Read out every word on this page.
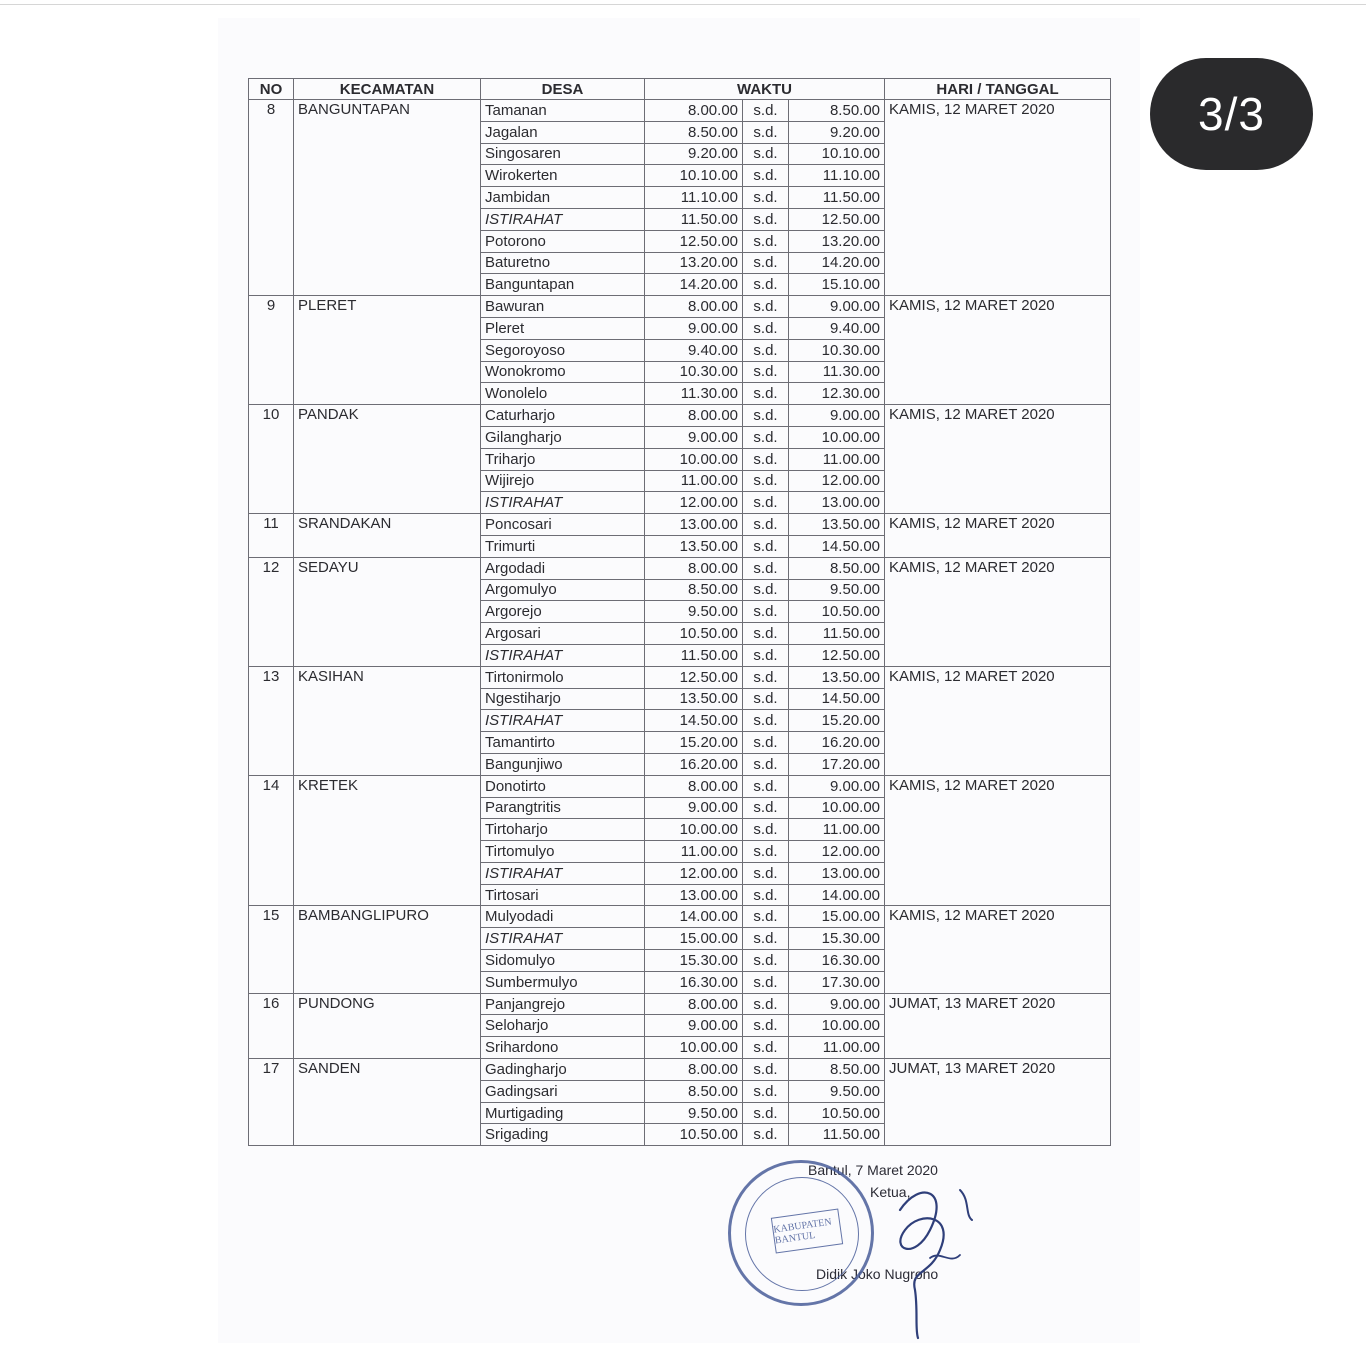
NO	KECAMATAN	DESA	WAKTU			HARI / TANGGAL
8	BANGUNTAPAN	Tamanan	8.00.00	s.d.	8.50.00	KAMIS, 12 MARET 2020
		Jagalan	8.50.00	s.d.	9.20.00	
		Singosaren	9.20.00	s.d.	10.10.00	
		Wirokerten	10.10.00	s.d.	11.10.00	
		Jambidan	11.10.00	s.d.	11.50.00	
		ISTIRAHAT	11.50.00	s.d.	12.50.00	
		Potorono	12.50.00	s.d.	13.20.00	
		Baturetno	13.20.00	s.d.	14.20.00	
		Banguntapan	14.20.00	s.d.	15.10.00	
9	PLERET	Bawuran	8.00.00	s.d.	9.00.00	KAMIS, 12 MARET 2020
		Pleret	9.00.00	s.d.	9.40.00	
		Segoroyoso	9.40.00	s.d.	10.30.00	
		Wonokromo	10.30.00	s.d.	11.30.00	
		Wonolelo	11.30.00	s.d.	12.30.00	
10	PANDAK	Caturharjo	8.00.00	s.d.	9.00.00	KAMIS, 12 MARET 2020
		Gilangharjo	9.00.00	s.d.	10.00.00	
		Triharjo	10.00.00	s.d.	11.00.00	
		Wijirejo	11.00.00	s.d.	12.00.00	
		ISTIRAHAT	12.00.00	s.d.	13.00.00	
11	SRANDAKAN	Poncosari	13.00.00	s.d.	13.50.00	KAMIS, 12 MARET 2020
		Trimurti	13.50.00	s.d.	14.50.00	
12	SEDAYU	Argodadi	8.00.00	s.d.	8.50.00	KAMIS, 12 MARET 2020
		Argomulyo	8.50.00	s.d.	9.50.00	
		Argorejo	9.50.00	s.d.	10.50.00	
		Argosari	10.50.00	s.d.	11.50.00	
		ISTIRAHAT	11.50.00	s.d.	12.50.00	
13	KASIHAN	Tirtonirmolo	12.50.00	s.d.	13.50.00	KAMIS, 12 MARET 2020
		Ngestiharjo	13.50.00	s.d.	14.50.00	
		ISTIRAHAT	14.50.00	s.d.	15.20.00	
		Tamantirto	15.20.00	s.d.	16.20.00	
		Bangunjiwo	16.20.00	s.d.	17.20.00	
14	KRETEK	Donotirto	8.00.00	s.d.	9.00.00	KAMIS, 12 MARET 2020
		Parangtritis	9.00.00	s.d.	10.00.00	
		Tirtoharjo	10.00.00	s.d.	11.00.00	
		Tirtomulyo	11.00.00	s.d.	12.00.00	
		ISTIRAHAT	12.00.00	s.d.	13.00.00	
		Tirtosari	13.00.00	s.d.	14.00.00	
15	BAMBANGLIPURO	Mulyodadi	14.00.00	s.d.	15.00.00	KAMIS, 12 MARET 2020
		ISTIRAHAT	15.00.00	s.d.	15.30.00	
		Sidomulyo	15.30.00	s.d.	16.30.00	
		Sumbermulyo	16.30.00	s.d.	17.30.00	
16	PUNDONG	Panjangrejo	8.00.00	s.d.	9.00.00	JUMAT, 13 MARET 2020
		Seloharjo	9.00.00	s.d.	10.00.00	
		Srihardono	10.00.00	s.d.	11.00.00	
17	SANDEN	Gadingharjo	8.00.00	s.d.	8.50.00	JUMAT, 13 MARET 2020
		Gadingsari	8.50.00	s.d.	9.50.00	
		Murtigading	9.50.00	s.d.	10.50.00	
		Srigading	10.50.00	s.d.	11.50.00	
3/3
Bantul, 7 Maret 2020
Ketua,
Didik Joko Nugroho
KABUPATEN BANTUL
